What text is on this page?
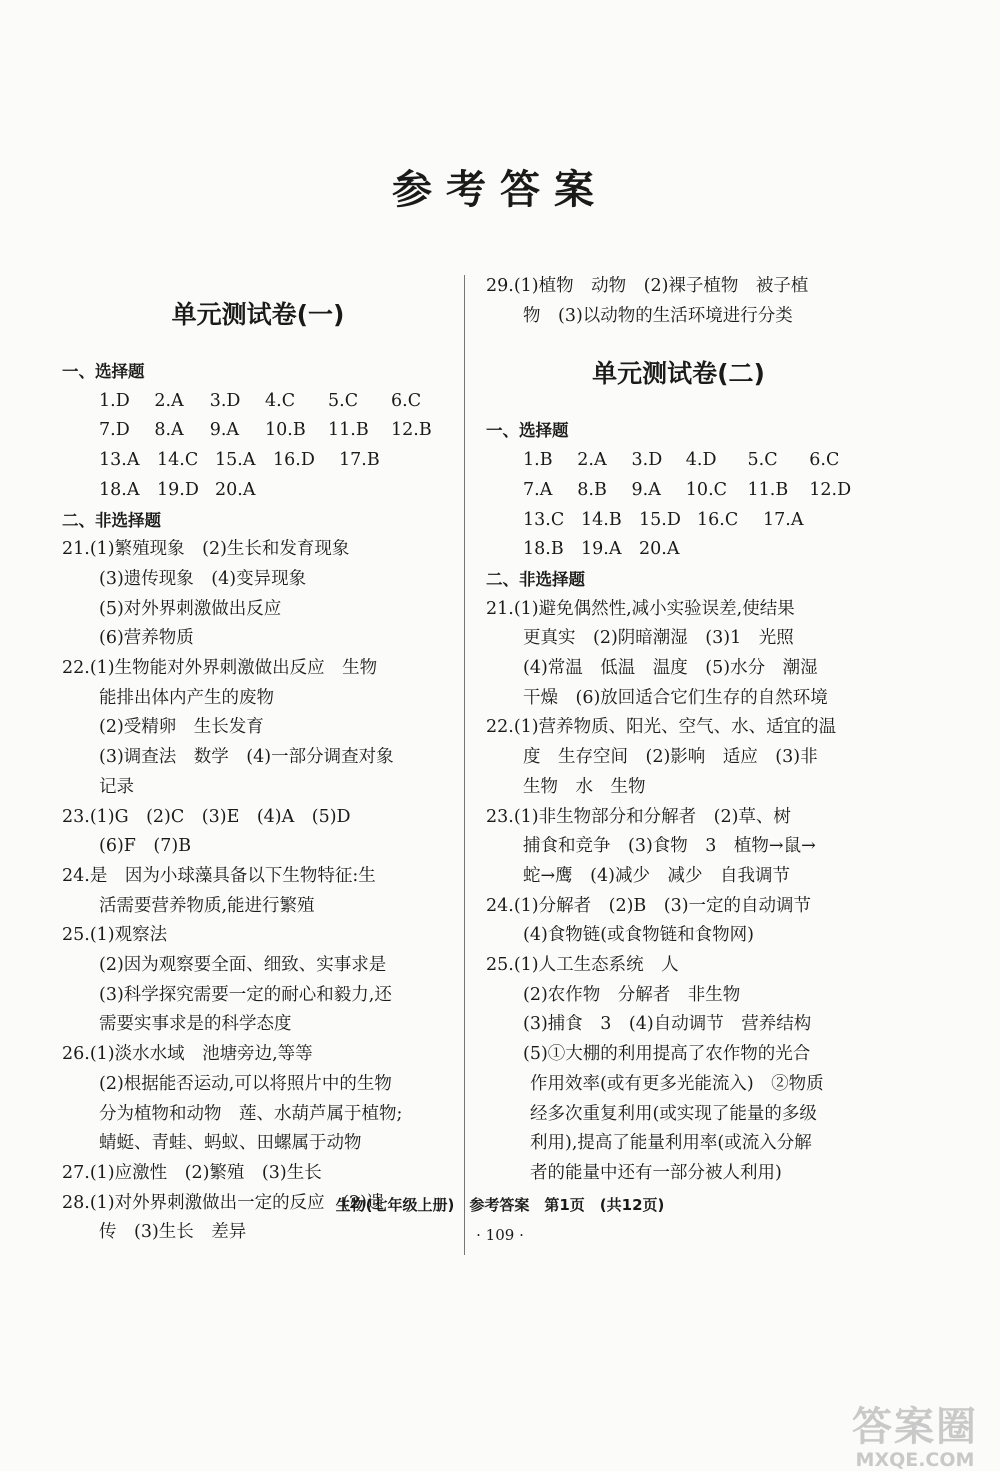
参考答案
单元测试卷(一)
一、选择题
1.D	2.A	3.D	4.C	5.C	6.C
7.D	8.A	9.A	10.B	11.B	12.B
13.A	14.C 15.A	16.D	17.B
18.A	19.D 20.A
二、非选择题
21.(1)繁殖现象　(2)生长和发育现象
(3)遗传现象　(4)变异现象
(5)对外界刺激做出反应
(6)营养物质
22.(1)生物能对外界刺激做出反应　生物
能排出体内产生的废物
(2)受精卵　生长发育
(3)调查法　数学　(4)一部分调查对象
记录
23.(1)G　(2)C　(3)E　(4)A　(5)D
(6)F　(7)B
24.是　因为小球藻具备以下生物特征:生
活需要营养物质,能进行繁殖
25.(1)观察法
(2)因为观察要全面、细致、实事求是
(3)科学探究需要一定的耐心和毅力,还
需要实事求是的科学态度
26.(1)淡水水域　池塘旁边,等等
(2)根据能否运动,可以将照片中的生物
分为植物和动物　莲、水葫芦属于植物;
蜻蜓、青蛙、蚂蚁、田螺属于动物
27.(1)应激性　(2)繁殖　(3)生长
28.(1)对外界刺激做出一定的反应　(2)遗
传　(3)生长　差异
29.(1)植物　动物　(2)裸子植物　被子植
物　(3)以动物的生活环境进行分类
单元测试卷(二)
一、选择题
1.B	2.A	3.D	4.D	5.C	6.C
7.A	8.B	9.A	10.C	11.B	12.D
13.C 14.B 15.D 16.C	17.A
18.B 19.A	20.A
二、非选择题
21.(1)避免偶然性,减小实验误差,使结果
更真实　(2)阴暗潮湿　(3)1　光照
(4)常温　低温　温度　(5)水分　潮湿
干燥　(6)放回适合它们生存的自然环境
22.(1)营养物质、阳光、空气、水、适宜的温
度　生存空间　(2)影响　适应　(3)非
生物　水　生物
23.(1)非生物部分和分解者　(2)草、树
捕食和竞争　(3)食物　3　植物→鼠→
蛇→鹰　(4)减少　减少　自我调节
24.(1)分解者　(2)B　(3)一定的自动调节
(4)食物链(或食物链和食物网)
25.(1)人工生态系统　人
(2)农作物　分解者　非生物
(3)捕食　3　(4)自动调节　营养结构
(5)①大棚的利用提高了农作物的光合
作用效率(或有更多光能流入)　②物质
经多次重复利用(或实现了能量的多级
利用),提高了能量利用率(或流入分解
者的能量中还有一部分被人利用)
生物(七年级上册)　参考答案　第1页　(共12页)
· 109 ·
答案圈
MXQE.COM
